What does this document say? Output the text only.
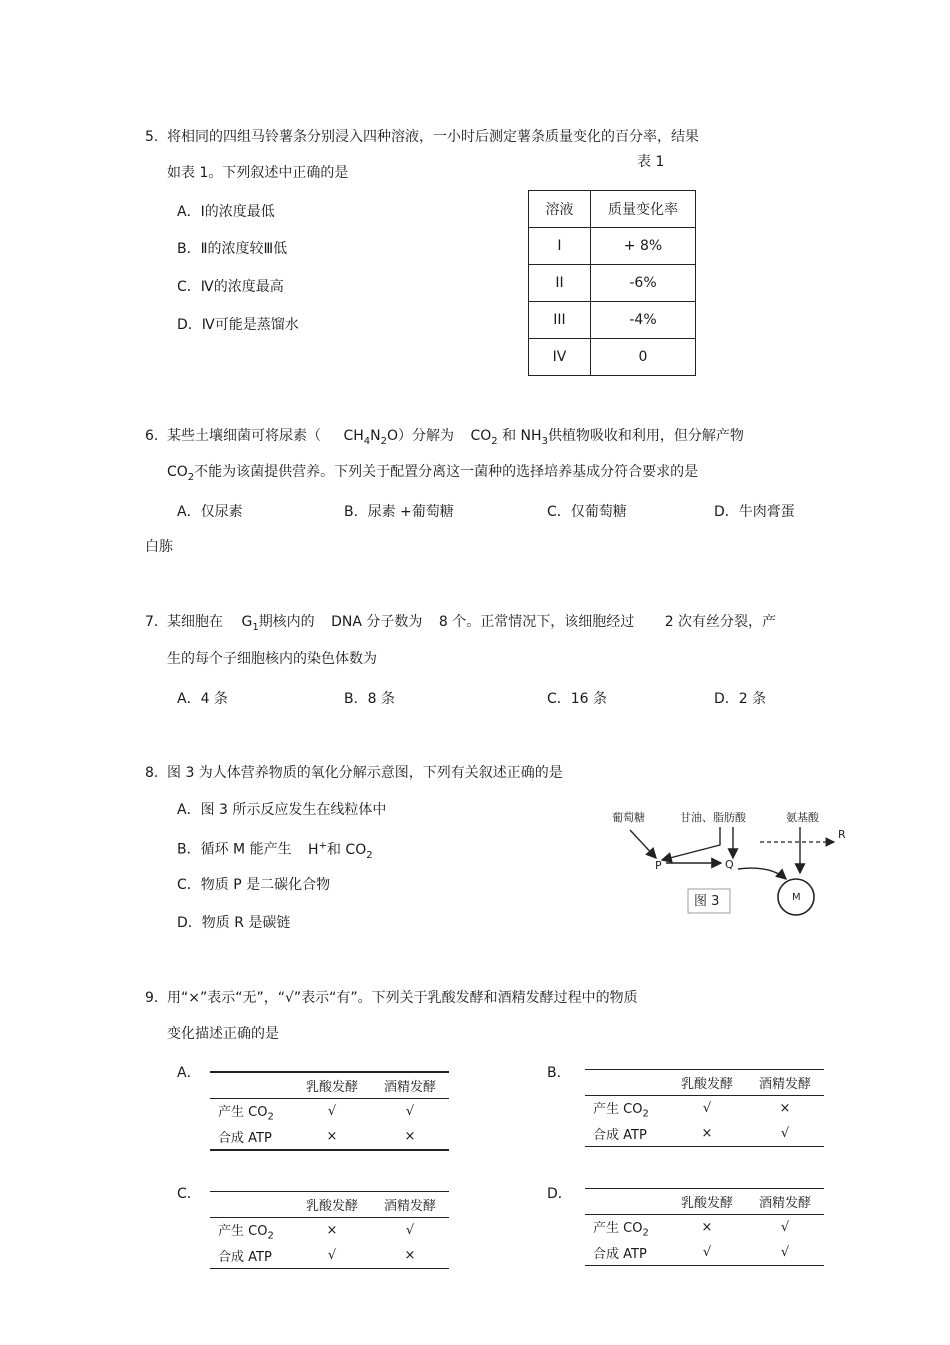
5. 将相同的四组马铃薯条分别浸入四种溶液，一小时后测定薯条质量变化的百分率，结果
如表 1。下列叙述中正确的是
表 1
溶液	质量变化率
I	+ 8%
II	-6%
III	-4%
IV	0
A．Ⅰ的浓度最低
B．Ⅱ的浓度较Ⅲ低
C．Ⅳ的浓度最高
D．Ⅳ可能是蒸馏水
6. 某些土壤细菌可将尿素（ $CH_4N_2O$）分解为 $CO_2$ 和 $NH_3$供植物吸收和利用，但分解产物
$CO_2$不能为该菌提供营养。下列关于配置分离这一菌种的选择培养基成分符合要求的是
A．仅尿素	B．尿素 +葡萄糖	C．仅葡萄糖	D．牛肉膏蛋
白胨
7. 某细胞在 $G_1$期核内的 DNA 分子数为 8 个。正常情况下，该细胞经过 2 次有丝分裂，产
生的每个子细胞核内的染色体数为
A．4 条	B．8 条	C．16 条	D．2 条
8. 图 3 为人体营养物质的氧化分解示意图，下列有关叙述正确的是
A．图 3 所示反应发生在线粒体中
B．循环 M 能产生 H+和 $CO_2$
C．物质 P 是二碳化合物
D．物质 R 是碳链
葡萄糖	甘油、脂肪酸	氨基酸
R
P	Q
M
图 3
9. 用“×”表示“无”，“√”表示“有”。下列关于乳酸发酵和酒精发酵过程中的物质
变化描述正确的是
A．
	乳酸发酵	酒精发酵
产生 $CO_2$	√	√
合成 ATP	×	×
B．
	乳酸发酵	酒精发酵
产生 $CO_2$	√	×
合成 ATP	×	√
C．
	乳酸发酵	酒精发酵
产生 $CO_2$	×	√
合成 ATP	√	×
D．
	乳酸发酵	酒精发酵
产生 $CO_2$	×	√
合成 ATP	√	√
